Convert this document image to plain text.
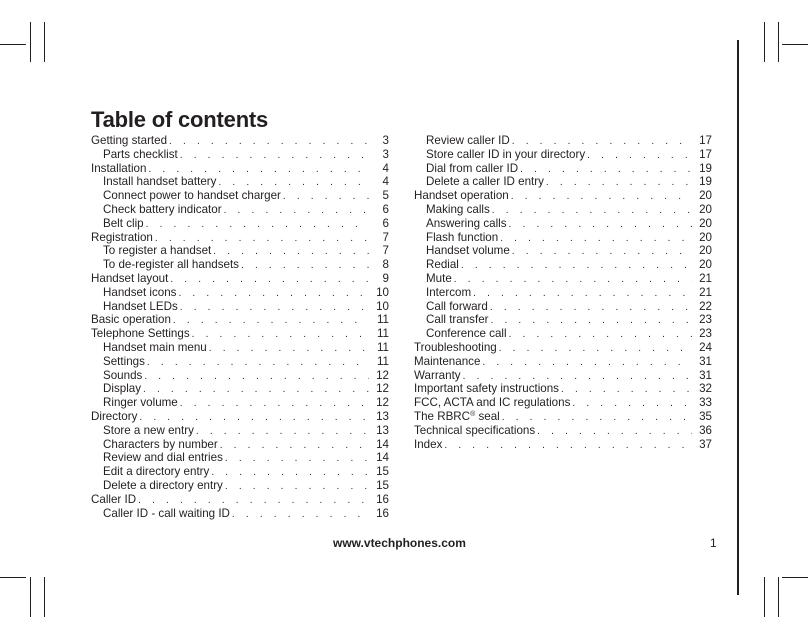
Table of contents
Getting started . . .	3
Parts checklist . . .	3
Installation . . .	4
Install handset battery . . .	4
Connect power to handset charger . . .	5
Check battery indicator . . .	6
Belt clip . . .	6
Registration . . .	7
To register a handset . . .	7
To de-register all handsets . . .	8
Handset layout . . .	9
Handset icons . . .	10
Handset LEDs . . .	10
Basic operation . . .	11
Telephone Settings . . .	11
Handset main menu . . .	11
Settings . . .	11
Sounds . . .	12
Display . . .	12
Ringer volume . . .	12
Directory . . .	13
Store a new entry . . .	13
Characters by number . . .	14
Review and dial entries . . .	14
Edit a directory entry . . .	15
Delete a directory entry . . .	15
Caller ID . . .	16
Caller ID - call waiting ID . . .	16
Review caller ID . . .	17
Store caller ID in your directory . . .	17
Dial from caller ID . . .	19
Delete a caller ID entry . . .	19
Handset operation . . .	20
Making calls . . .	20
Answering calls . . .	20
Flash function . . .	20
Handset volume . . .	20
Redial . . .	20
Mute . . .	21
Intercom . . .	21
Call forward . . .	22
Call transfer . . .	23
Conference call . . .	23
Troubleshooting . . .	24
Maintenance . . .	31
Warranty . . .	31
Important safety instructions . . .	32
FCC, ACTA and IC regulations . . .	33
The RBRC® seal . . .	35
Technical specifications . . .	36
Index . . .	37
www.vtechphones.com	1
